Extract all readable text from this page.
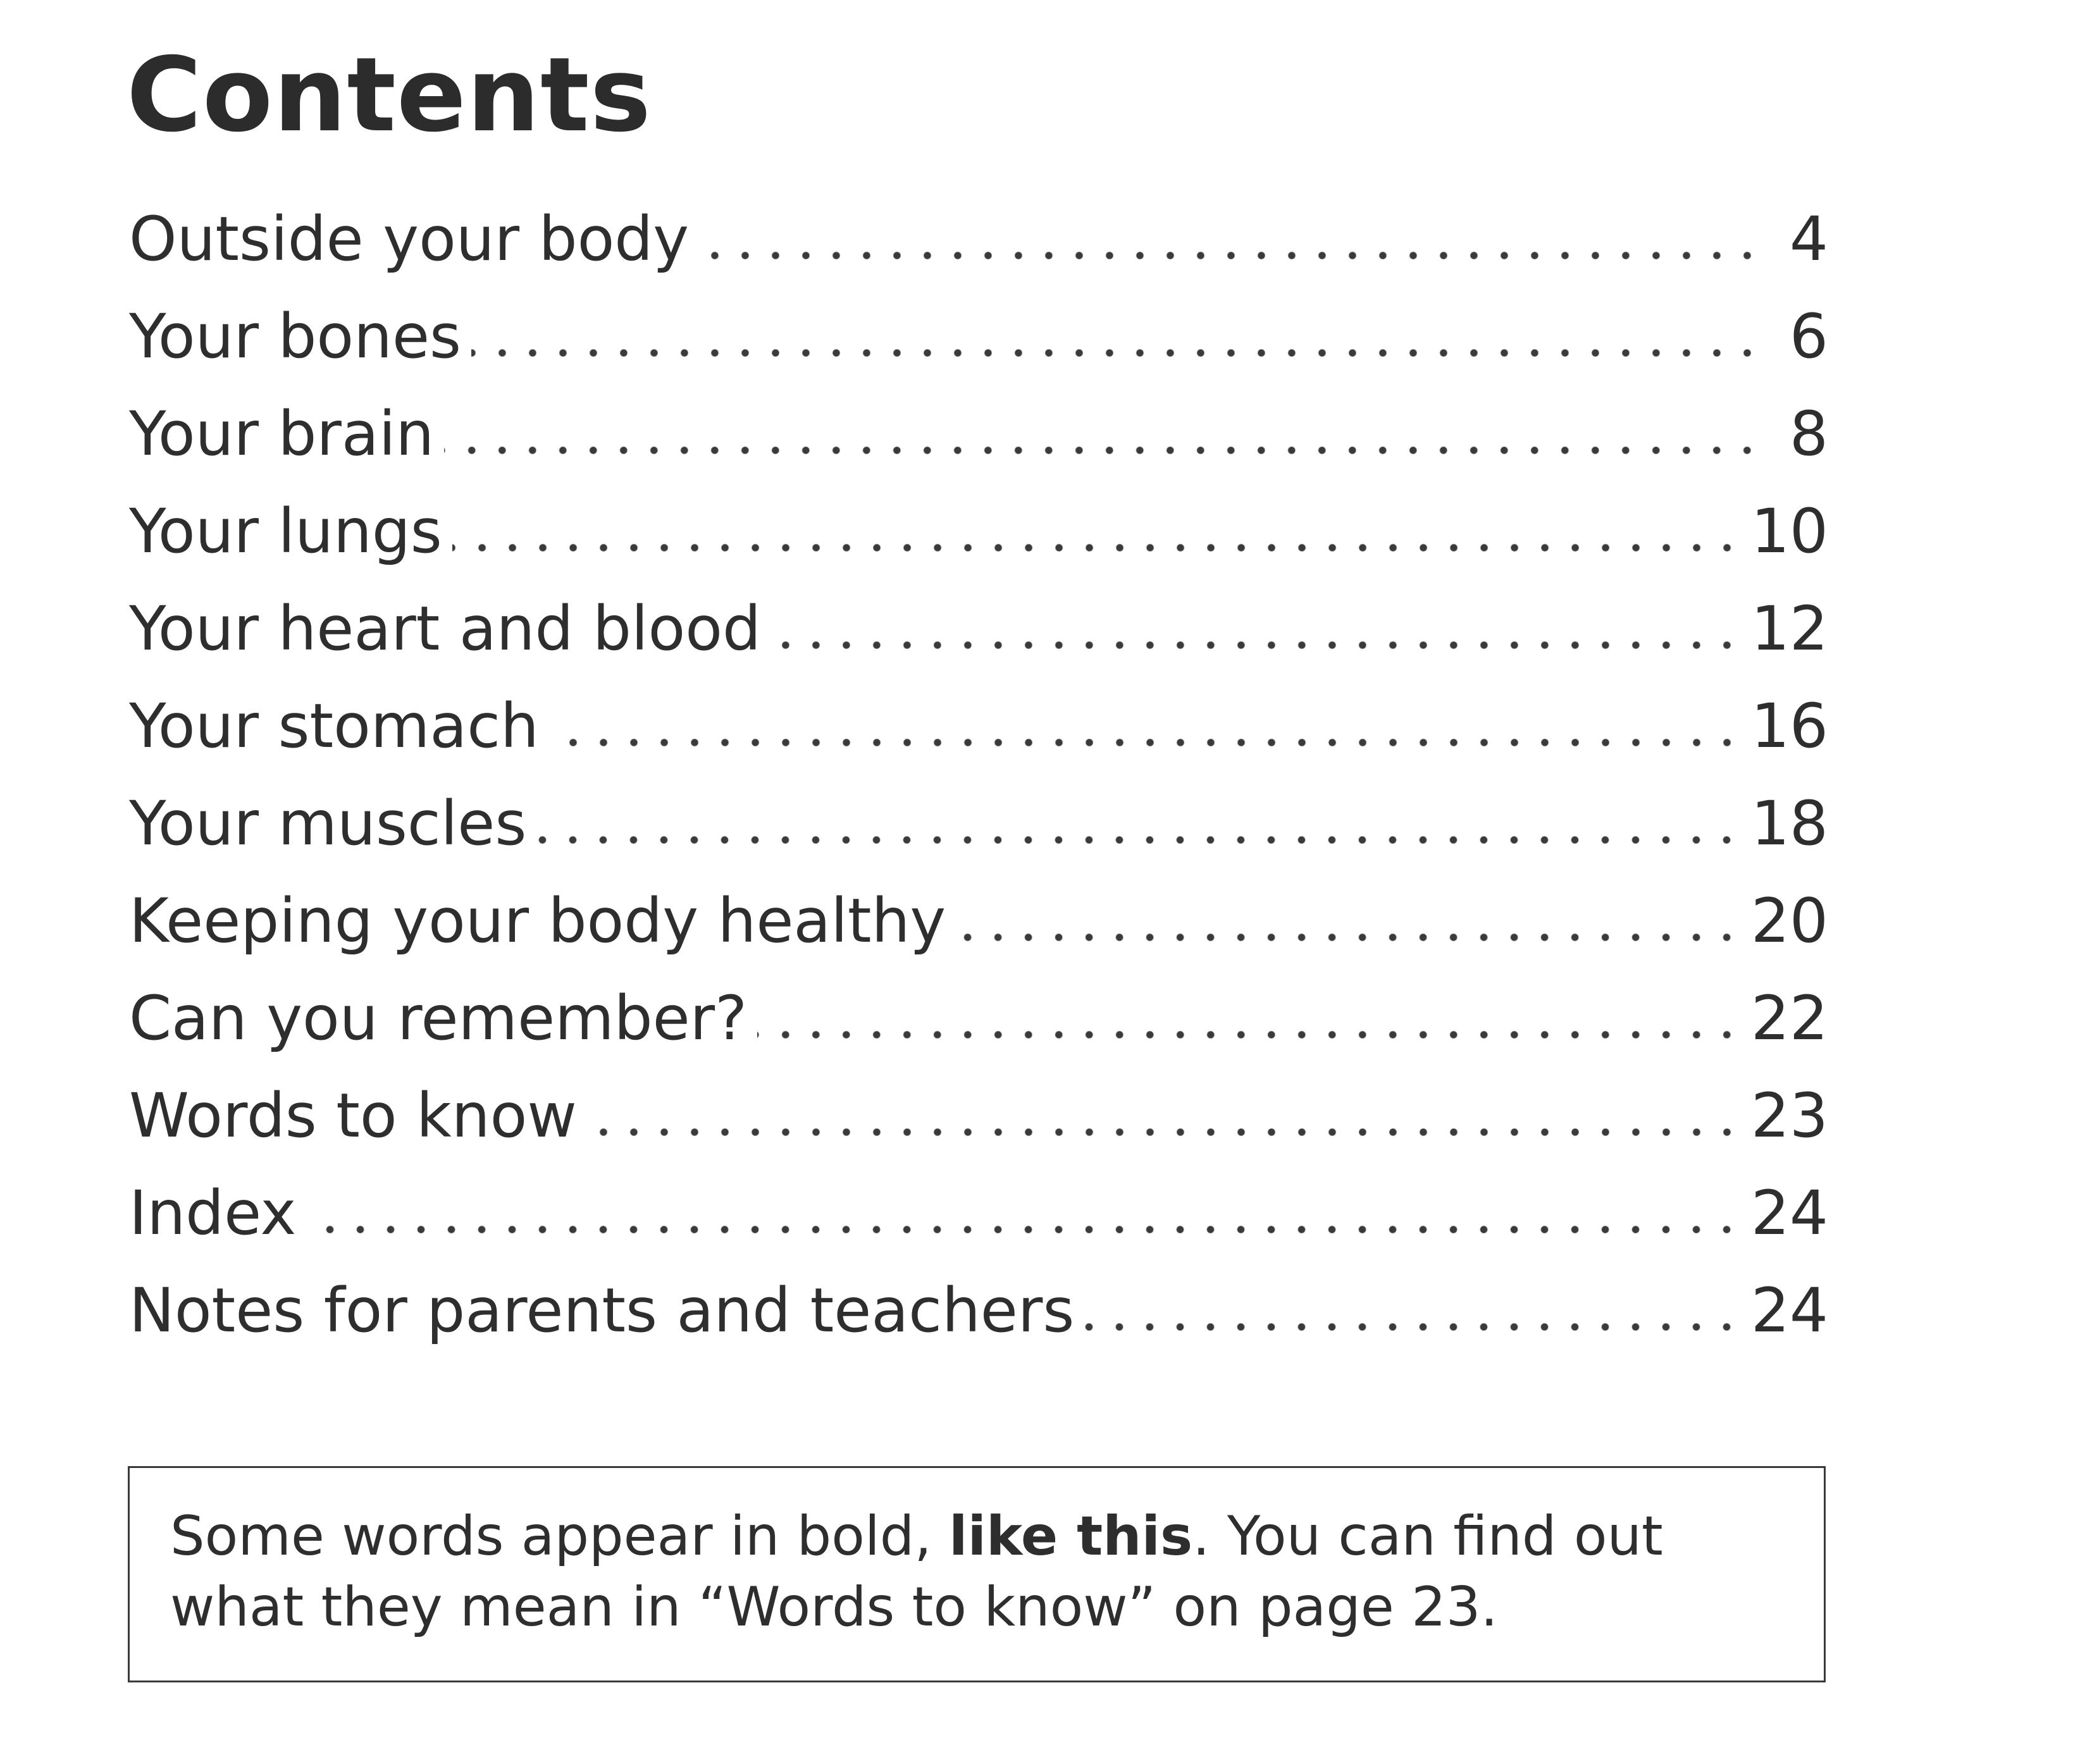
Contents
Outside your body	4
Your bones	6
Your brain	8
Your lungs	10
Your heart and blood	12
Your stomach	16
Your muscles	18
Keeping your body healthy	20
Can you remember?	22
Words to know	23
Index	24
Notes for parents and teachers	24

Some words appear in bold, like this. You can find out

what they mean in “Words to know” on page 23.
